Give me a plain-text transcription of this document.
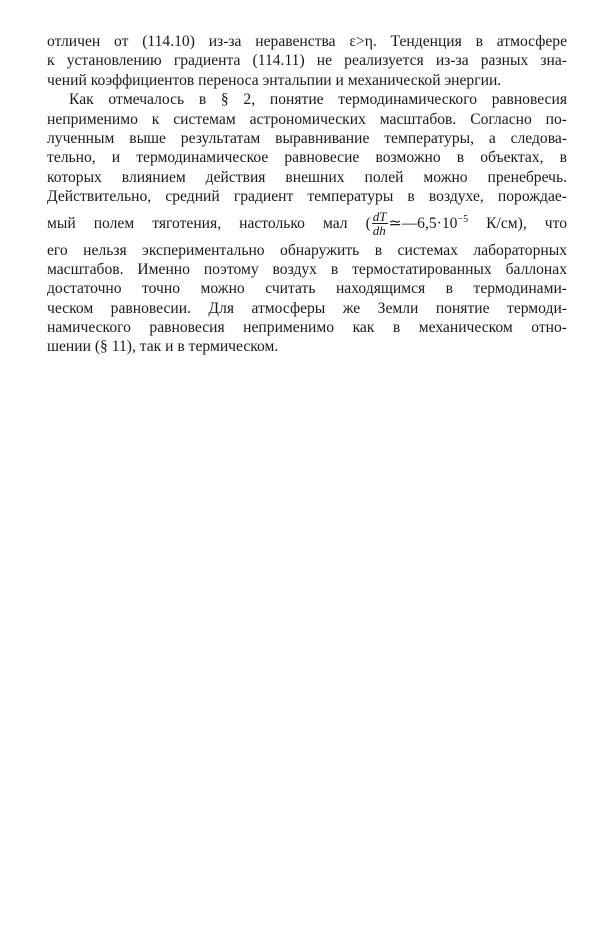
отличен от (114.10) из-за неравенства ε>η. Тенденция в атмосфере
к установлению градиента (114.11) не реализуется из-за разных зна-
чений коэффициентов переноса энтальпии и механической энергии.
Как отмечалось в § 2, понятие термодинамического равновесия
неприменимо к системам астрономических масштабов. Согласно по-
лученным выше результатам выравнивание температуры, а следова-
тельно, и термодинамическое равновесие возможно в объектах, в
которых влиянием действия внешних полей можно пренебречь.
Действительно, средний градиент температуры в воздухе, порождае-
мый полем тяготения, настолько мал ( $\frac{dT}{dh}$ $≃—6,5\cdot 10^{-5}$ К/см), что
его нельзя экспериментально обнаружить в системах лабораторных
масштабов. Именно поэтому воздух в термостатированных баллонах
достаточно точно можно считать находящимся в термодинами-
ческом равновесии. Для атмосферы же Земли понятие термоди-
намического равновесия неприменимо как в механическом отно-
шении (§ 11), так и в термическом.
